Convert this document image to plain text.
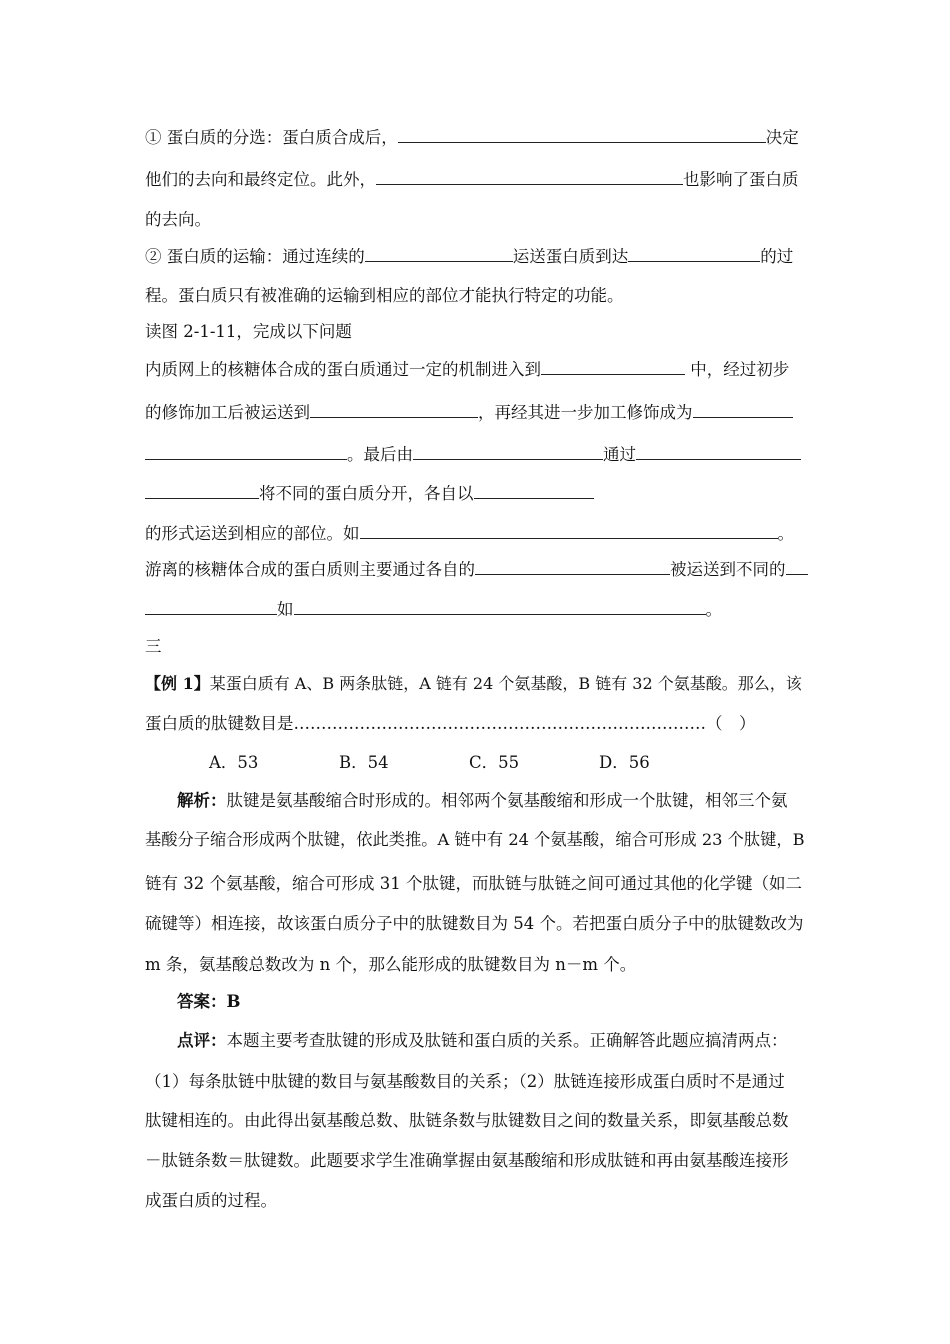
① 蛋白质的分选：蛋白质合成后，	决定
他们的去向和最终定位。此外，	也影响了蛋白质
的去向。
② 蛋白质的运输：通过连续的	运送蛋白质到达	的过
程。蛋白质只有被准确的运输到相应的部位才能执行特定的功能。
读图 2-1-11，完成以下问题
内质网上的核糖体合成的蛋白质通过一定的机制进入到	中，经过初步
的修饰加工后被运送到	，再经其进一步加工修饰成为
。最后由	通过
将不同的蛋白质分开，各自以
的形式运送到相应的部位。如	。
游离的核糖体合成的蛋白质则主要通过各自的	被运送到不同的
如	。
三
【例 1】某蛋白质有 A、B 两条肽链，A 链有 24 个氨基酸，B 链有 32 个氨基酸。那么，该
蛋白质的肽键数目是…………………………………………………………………（　）
A．53	B．54	C．55	D．56
解析：肽键是氨基酸缩合时形成的。相邻两个氨基酸缩和形成一个肽键，相邻三个氨
基酸分子缩合形成两个肽键，依此类推。A 链中有 24 个氨基酸，缩合可形成 23 个肽键，B
链有 32 个氨基酸，缩合可形成 31 个肽键，而肽链与肽链之间可通过其他的化学键（如二
硫键等）相连接，故该蛋白质分子中的肽键数目为 54 个。若把蛋白质分子中的肽键数改为
m 条，氨基酸总数改为 n 个，那么能形成的肽键数目为 n－m 个。
答案：B
点评：本题主要考查肽键的形成及肽链和蛋白质的关系。正确解答此题应搞清两点：
（1）每条肽链中肽键的数目与氨基酸数目的关系；（2）肽链连接形成蛋白质时不是通过
肽键相连的。由此得出氨基酸总数、肽链条数与肽键数目之间的数量关系，即氨基酸总数
－肽链条数＝肽键数。此题要求学生准确掌握由氨基酸缩和形成肽链和再由氨基酸连接形
成蛋白质的过程。
